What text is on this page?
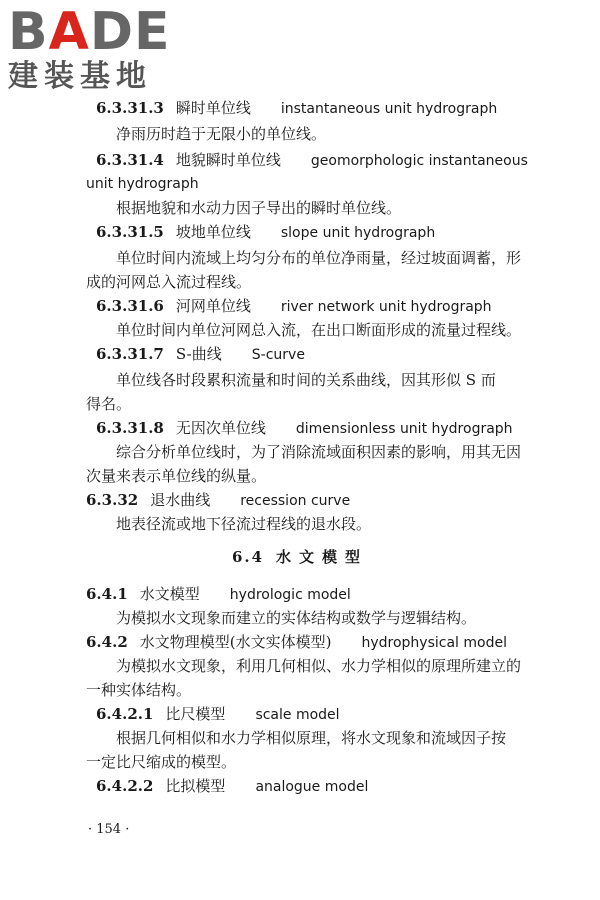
BADE
建装基地
6.3.31.3 瞬时单位线 instantaneous unit hydrograph
净雨历时趋于无限小的单位线。
6.3.31.4 地貌瞬时单位线 geomorphologic instantaneous
unit hydrograph
根据地貌和水动力因子导出的瞬时单位线。
6.3.31.5 坡地单位线 slope unit hydrograph
单位时间内流域上均匀分布的单位净雨量，经过坡面调蓄，形
成的河网总入流过程线。
6.3.31.6 河网单位线 river network unit hydrograph
单位时间内单位河网总入流，在出口断面形成的流量过程线。
6.3.31.7 S-曲线 S-curve
单位线各时段累积流量和时间的关系曲线，因其形似 S 而
得名。
6.3.31.8 无因次单位线 dimensionless unit hydrograph
综合分析单位线时，为了消除流域面积因素的影响，用其无因
次量来表示单位线的纵量。
6.3.32 退水曲线 recession curve
地表径流或地下径流过程线的退水段。
6.4 水文模型
6.4.1 水文模型 hydrologic model
为模拟水文现象而建立的实体结构或数学与逻辑结构。
6.4.2 水文物理模型(水文实体模型) hydrophysical model
为模拟水文现象，利用几何相似、水力学相似的原理所建立的
一种实体结构。
6.4.2.1 比尺模型 scale model
根据几何相似和水力学相似原理，将水文现象和流域因子按
一定比尺缩成的模型。
6.4.2.2 比拟模型 analogue model
· 154 ·
